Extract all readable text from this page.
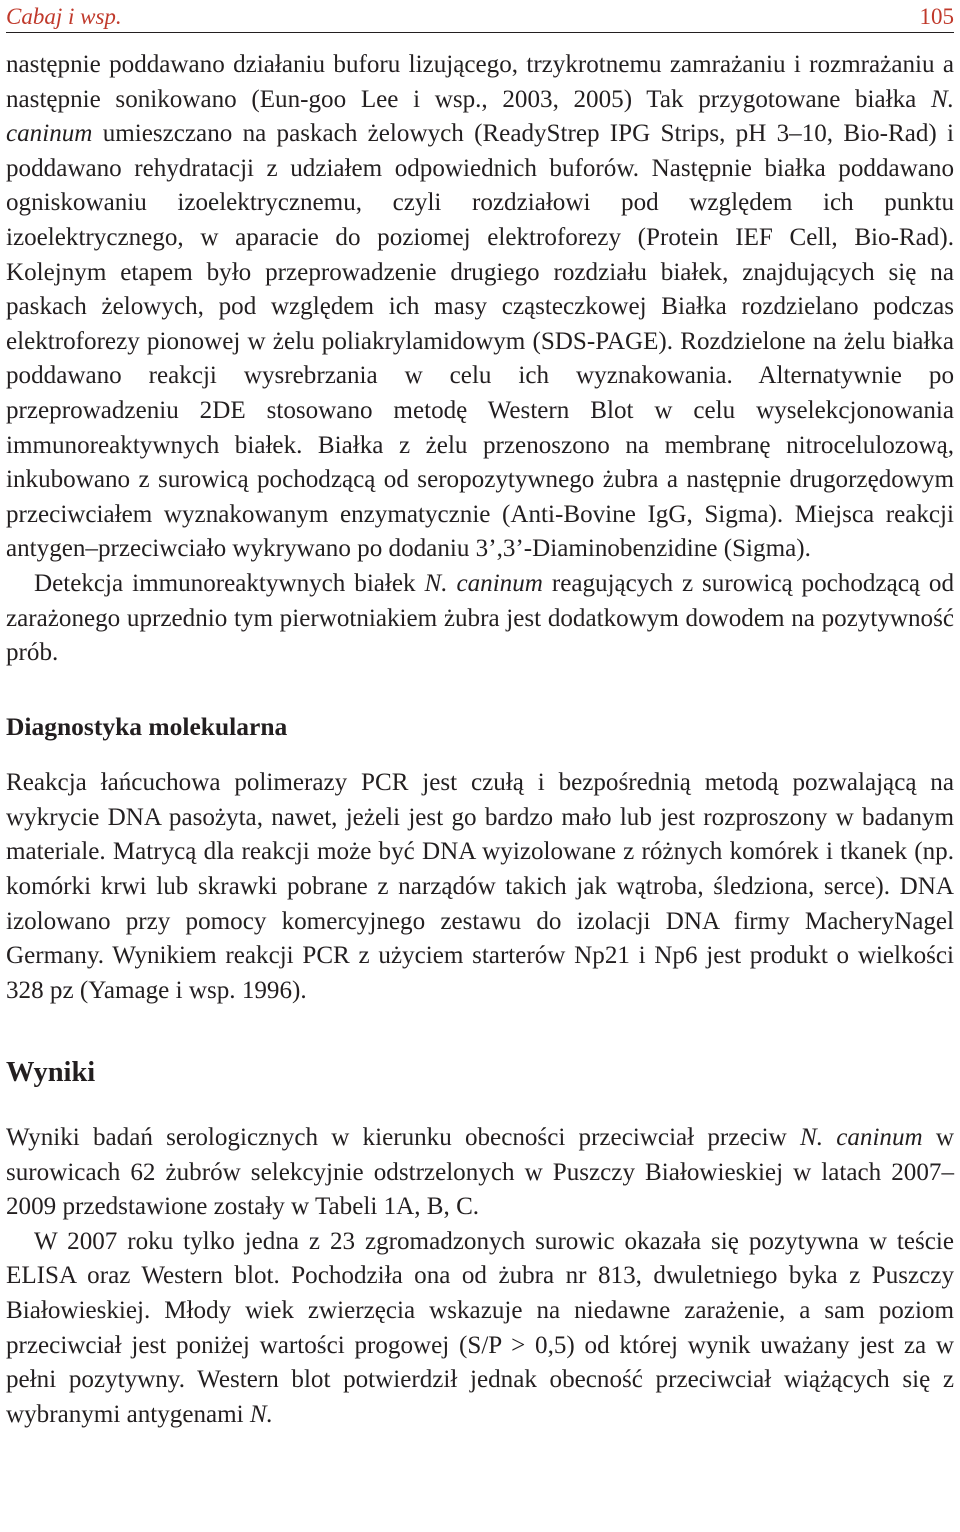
Cabaj i wsp.	105

następnie poddawano działaniu buforu lizującego, trzykrotnemu zamrażaniu i rozmrażaniu a następnie sonikowano (Eun-goo Lee i wsp., 2003, 2005) Tak przygotowane białka N. caninum umieszczano na paskach żelowych (ReadyStrep IPG Strips, pH 3–10, Bio-Rad) i poddawano rehydratacji z udziałem odpowiednich buforów. Następnie białka poddawano ogniskowaniu izoelektrycznemu, czyli rozdziałowi pod względem ich punktu izoelektrycznego, w aparacie do poziomej elektroforezy (Protein IEF Cell, Bio-Rad). Kolejnym etapem było przeprowadzenie drugiego rozdziału białek, znajdujących się na paskach żelowych, pod względem ich masy cząsteczkowej Białka rozdzielano podczas elektroforezy pionowej w żelu poliakrylamidowym (SDS-PAGE). Rozdzielone na żelu białka poddawano reakcji wysrebrzania w celu ich wyznakowania. Alternatywnie po przeprowadzeniu 2DE stosowano metodę Western Blot w celu wyselekcjonowania immunoreaktywnych białek. Białka z żelu przenoszono na membranę nitrocelulozową, inkubowano z surowicą pochodzącą od seropozytywnego żubra a następnie drugorzędowym przeciwciałem wyznakowanym enzymatycznie (Anti-Bovine IgG, Sigma). Miejsca reakcji antygen–przeciwciało wykrywano po dodaniu 3’,3’-Diaminobenzidine (Sigma).

Detekcja immunoreaktywnych białek N. caninum reagujących z surowicą pochodzącą od zarażonego uprzednio tym pierwotniakiem żubra jest dodatkowym dowodem na pozytywność prób.

Diagnostyka molekularna

Reakcja łańcuchowa polimerazy PCR jest czułą i bezpośrednią metodą pozwalającą na wykrycie DNA pasożyta, nawet, jeżeli jest go bardzo mało lub jest rozproszony w badanym materiale. Matrycą dla reakcji może być DNA wyizolowane z różnych komórek i tkanek (np. komórki krwi lub skrawki pobrane z narządów takich jak wątroba, śledziona, serce). DNA izolowano przy pomocy komercyjnego zestawu do izolacji DNA firmy MacheryNagel Germany. Wynikiem reakcji PCR z użyciem starterów Np21 i Np6 jest produkt o wielkości 328 pz (Yamage i wsp. 1996).

Wyniki

Wyniki badań serologicznych w kierunku obecności przeciwciał przeciw N. caninum w surowicach 62 żubrów selekcyjnie odstrzelonych w Puszczy Białowieskiej w latach 2007–2009 przedstawione zostały w Tabeli 1A, B, C.

W 2007 roku tylko jedna z 23 zgromadzonych surowic okazała się pozytywna w teście ELISA oraz Western blot. Pochodziła ona od żubra nr 813, dwuletniego byka z Puszczy Białowieskiej. Młody wiek zwierzęcia wskazuje na niedawne zarażenie, a sam poziom przeciwciał jest poniżej wartości progowej (S/P > 0,5) od której wynik uważany jest za w pełni pozytywny. Western blot potwierdził jednak obecność przeciwciał wiążących się z wybranymi antygenami N.
